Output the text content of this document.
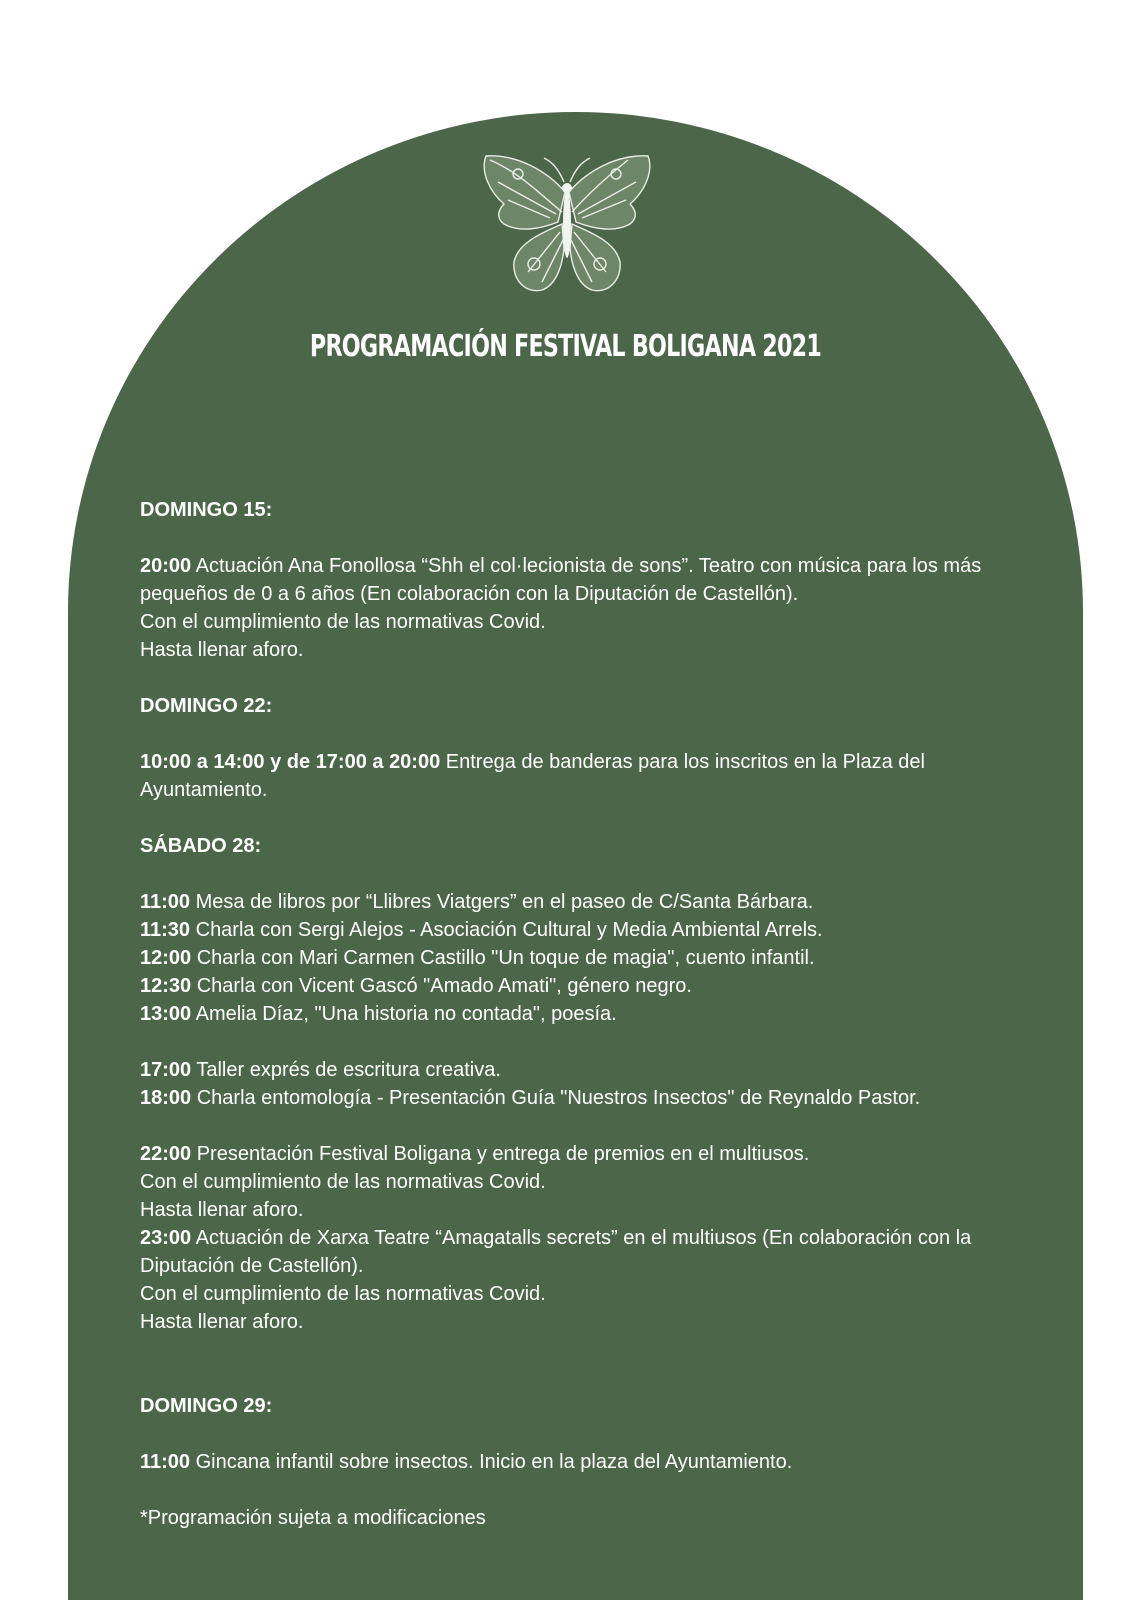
PROGRAMACIÓN FESTIVAL BOLIGANA 2021
DOMINGO 15:
20:00 Actuación Ana Fonollosa “Shh el col·lecionista de sons”. Teatro con música para los más pequeños de 0 a 6 años (En colaboración con la Diputación de Castellón).
Con el cumplimiento de las normativas Covid.
Hasta llenar aforo.
DOMINGO 22:
10:00 a 14:00 y de 17:00 a 20:00 Entrega de banderas para los inscritos en la Plaza del Ayuntamiento.
SÁBADO 28:
11:00 Mesa de libros por “Llibres Viatgers” en el paseo de C/Santa Bárbara.
11:30 Charla con Sergi Alejos - Asociación Cultural y Media Ambiental Arrels.
12:00 Charla con Mari Carmen Castillo "Un toque de magia", cuento infantil.
12:30 Charla con Vicent Gascó "Amado Amati", género negro.
13:00 Amelia Díaz, "Una historia no contada", poesía.
17:00 Taller exprés de escritura creativa.
18:00 Charla entomología - Presentación Guía "Nuestros Insectos" de Reynaldo Pastor.
22:00 Presentación Festival Boligana y entrega de premios en el multiusos.
Con el cumplimiento de las normativas Covid.
Hasta llenar aforo.
23:00 Actuación de Xarxa Teatre “Amagatalls secrets” en el multiusos (En colaboración con la Diputación de Castellón).
Con el cumplimiento de las normativas Covid.
Hasta llenar aforo.
DOMINGO 29:
11:00 Gincana infantil sobre insectos. Inicio en la plaza del Ayuntamiento.
*Programación sujeta a modificaciones
